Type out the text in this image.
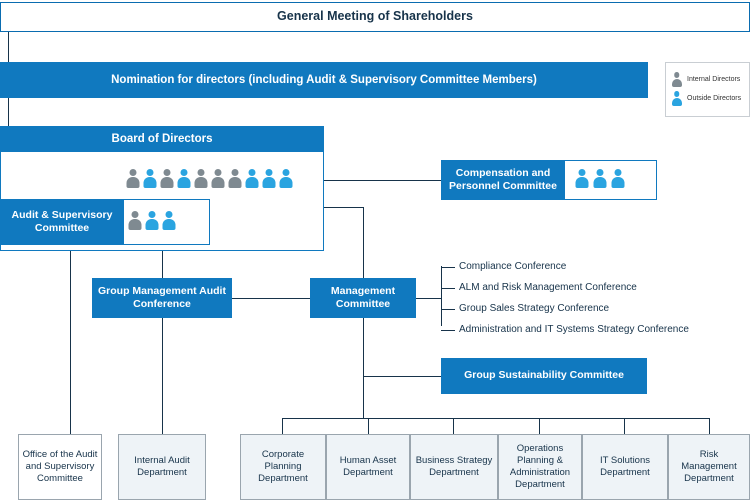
General Meeting of Shareholders
Nomination for directors (including Audit & Supervisory Committee Members)	Internal Directors
Outside Directors
Board of Directors
Audit & Supervisory Committee
Compensation and Personnel Committee
Group Management Audit Conference
Management Committee
Compliance Conference
ALM and Risk Management Conference
Group Sales Strategy Conference
Administration and IT Systems Strategy Conference
Group Sustainability Committee
Office of the Audit and Supervisory Committee
Internal Audit Department
Corporate Planning Department
Human Asset Department
Business Strategy Department
Operations Planning & Administration Department
IT Solutions Department
Risk Management Department
